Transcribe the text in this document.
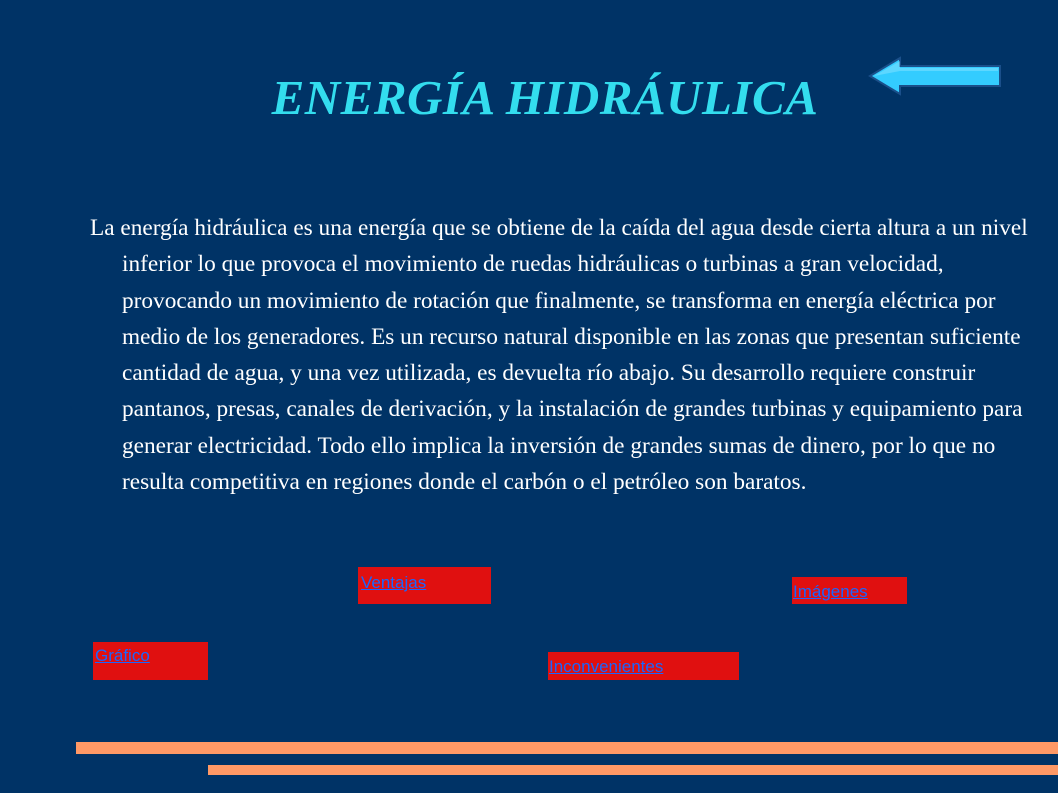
ENERGÍA HIDRÁULICA

La energía hidráulica es una energía que se obtiene de la caída del agua desde cierta altura a un nivel inferior lo que provoca el movimiento de ruedas hidráulicas o turbinas a gran velocidad, provocando un movimiento de rotación que finalmente, se transforma en energía eléctrica por medio de los generadores. Es un recurso natural disponible en las zonas que presentan suficiente cantidad de agua, y una vez utilizada, es devuelta río abajo. Su desarrollo requiere construir pantanos, presas, canales de derivación, y la instalación de grandes turbinas y equipamiento para generar electricidad. Todo ello implica la inversión de grandes sumas de dinero, por lo que no resulta competitiva en regiones donde el carbón o el petróleo son baratos.

Ventajas	Imágenes
Gráfico
Inconvenientes
